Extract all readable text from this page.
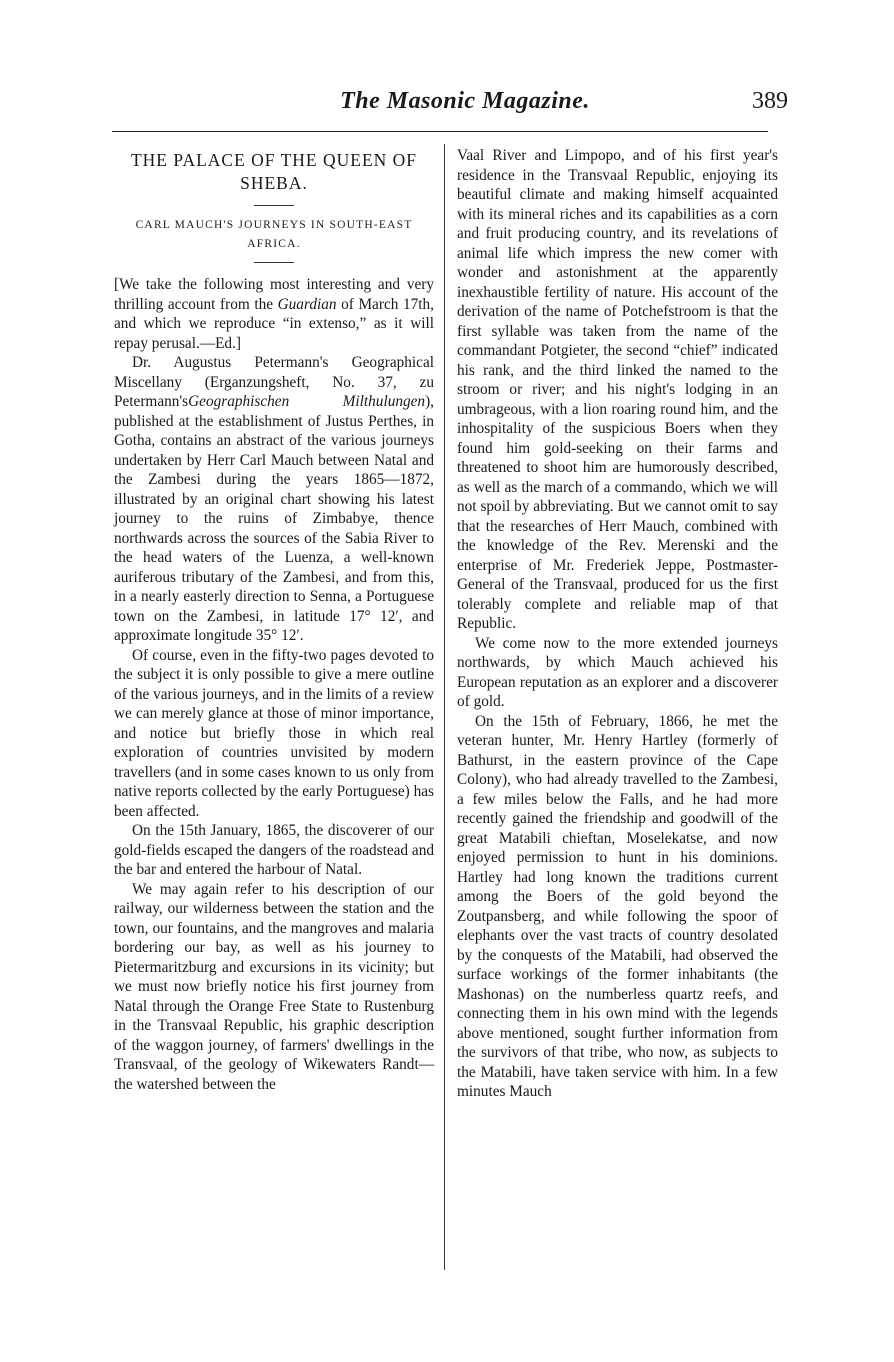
The Masonic Magazine.	389
THE PALACE OF THE QUEEN OF SHEBA.
CARL MAUCH'S JOURNEYS IN SOUTH-EAST AFRICA.

[We take the following most interesting and very thrilling account from the Guardian of March 17th, and which we reproduce “in extenso,” as it will repay perusal.—Ed.]

Dr. Augustus Petermann's Geographical Miscellany (Erganzungsheft, No. 37, zu Petermann'sGeographischen Milthulungen), published at the establishment of Justus Perthes, in Gotha, contains an abstract of the various journeys undertaken by Herr Carl Mauch between Natal and the Zambesi during the years 1865—1872, illustrated by an original chart showing his latest journey to the ruins of Zimbabye, thence northwards across the sources of the Sabia River to the head waters of the Luenza, a well-known auriferous tributary of the Zambesi, and from this, in a nearly easterly direction to Senna, a Portuguese town on the Zambesi, in latitude 17° 12′, and approximate longitude 35° 12′.

Of course, even in the fifty-two pages devoted to the subject it is only possible to give a mere outline of the various journeys, and in the limits of a review we can merely glance at those of minor importance, and notice but briefly those in which real exploration of countries unvisited by modern travellers (and in some cases known to us only from native reports collected by the early Portuguese) has been affected.

On the 15th January, 1865, the discoverer of our gold-fields escaped the dangers of the roadstead and the bar and entered the harbour of Natal.

We may again refer to his description of our railway, our wilderness between the station and the town, our fountains, and the mangroves and malaria bordering our bay, as well as his journey to Pietermaritzburg and excursions in its vicinity; but we must now briefly notice his first journey from Natal through the Orange Free State to Rustenburg in the Transvaal Republic, his graphic description of the waggon journey, of farmers' dwellings in the Transvaal, of the geology of Wikewaters Randt—the watershed between the

Vaal River and Limpopo, and of his first year's residence in the Transvaal Republic, enjoying its beautiful climate and making himself acquainted with its mineral riches and its capabilities as a corn and fruit producing country, and its revelations of animal life which impress the new comer with wonder and astonishment at the apparently inexhaustible fertility of nature. His account of the derivation of the name of Potchefstroom is that the first syllable was taken from the name of the commandant Potgieter, the second “chief” indicated his rank, and the third linked the named to the stroom or river; and his night's lodging in an umbrageous, with a lion roaring round him, and the inhospitality of the suspicious Boers when they found him gold-seeking on their farms and threatened to shoot him are humorously described, as well as the march of a commando, which we will not spoil by abbreviating. But we cannot omit to say that the researches of Herr Mauch, combined with the knowledge of the Rev. Merenski and the enterprise of Mr. Frederiek Jeppe, Postmaster-General of the Transvaal, produced for us the first tolerably complete and reliable map of that Republic.

We come now to the more extended journeys northwards, by which Mauch achieved his European reputation as an explorer and a discoverer of gold.

On the 15th of February, 1866, he met the veteran hunter, Mr. Henry Hartley (formerly of Bathurst, in the eastern province of the Cape Colony), who had already travelled to the Zambesi, a few miles below the Falls, and he had more recently gained the friendship and goodwill of the great Matabili chieftan, Moselekatse, and now enjoyed permission to hunt in his dominions. Hartley had long known the traditions current among the Boers of the gold beyond the Zoutpansberg, and while following the spoor of elephants over the vast tracts of country desolated by the conquests of the Matabili, had observed the surface workings of the former inhabitants (the Mashonas) on the numberless quartz reefs, and connecting them in his own mind with the legends above mentioned, sought further information from the survivors of that tribe, who now, as subjects to the Matabili, have taken service with him. In a few minutes Mauch
